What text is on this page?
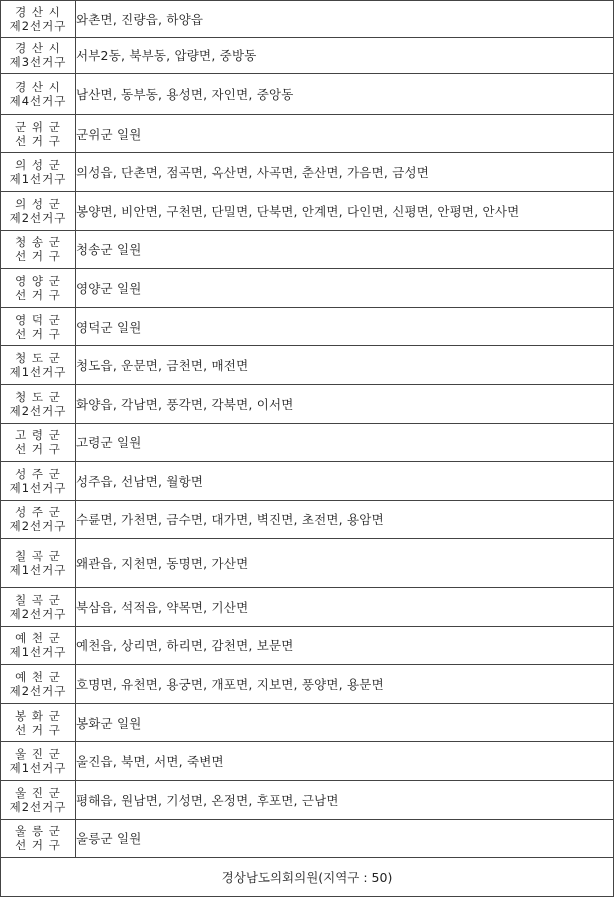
경 산 시
제2선거구	와촌면, 진량읍, 하양읍

경 산 시
제3선거구	서부2동, 북부동, 압량면, 중방동

경 산 시
제4선거구	남산면, 동부동, 용성면, 자인면, 중앙동

군 위 군
선 거 구	군위군 일원

의 성 군
제1선거구	의성읍, 단촌면, 점곡면, 옥산면, 사곡면, 춘산면, 가음면, 금성면

의 성 군
제2선거구	봉양면, 비안면, 구천면, 단밀면, 단북면, 안계면, 다인면, 신평면, 안평면, 안사면

청 송 군
선 거 구	청송군 일원

영 양 군
선 거 구	영양군 일원

영 덕 군
선 거 구	영덕군 일원

청 도 군
제1선거구	청도읍, 운문면, 금천면, 매전면

청 도 군
제2선거구	화양읍, 각남면, 풍각면, 각북면, 이서면

고 령 군
선 거 구	고령군 일원

성 주 군
제1선거구	성주읍, 선남면, 월항면

성 주 군
제2선거구	수륜면, 가천면, 금수면, 대가면, 벽진면, 초전면, 용암면

칠 곡 군
제1선거구	왜관읍, 지천면, 동명면, 가산면

칠 곡 군
제2선거구	북삼읍, 석적읍, 약목면, 기산면

예 천 군
제1선거구	예천읍, 상리면, 하리면, 감천면, 보문면

예 천 군
제2선거구	호명면, 유천면, 용궁면, 개포면, 지보면, 풍양면, 용문면

봉 화 군
선 거 구	봉화군 일원

울 진 군
제1선거구	울진읍, 북면, 서면, 죽변면

울 진 군
제2선거구	평해읍, 원남면, 기성면, 온정면, 후포면, 근남면

울 릉 군
선 거 구	울릉군 일원
경상남도의회의원(지역구 : 50)	
